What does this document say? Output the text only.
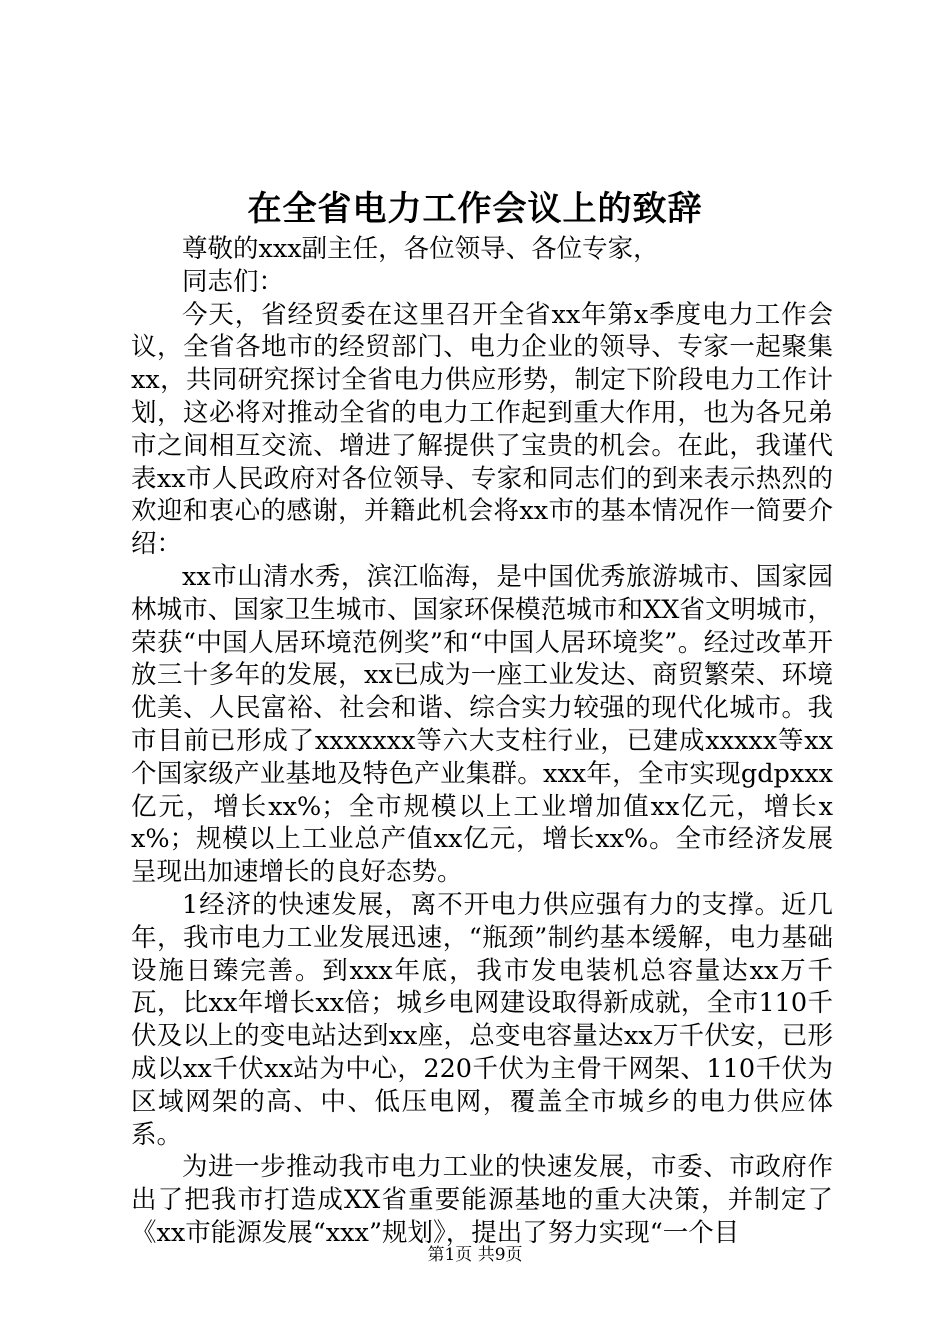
在全省电力工作会议上的致辞

尊敬的xxx副主任，各位领导、各位专家，

同志们：

今天，省经贸委在这里召开全省xx年第x季度电力工作会议，全省各地市的经贸部门、电力企业的领导、专家一起聚集xx，共同研究探讨全省电力供应形势，制定下阶段电力工作计划，这必将对推动全省的电力工作起到重大作用，也为各兄弟市之间相互交流、增进了解提供了宝贵的机会。在此，我谨代表xx市人民政府对各位领导、专家和同志们的到来表示热烈的欢迎和衷心的感谢，并籍此机会将xx市的基本情况作一简要介绍：

xx市山清水秀，滨江临海，是中国优秀旅游城市、国家园林城市、国家卫生城市、国家环保模范城市和XX省文明城市，荣获“中国人居环境范例奖”和“中国人居环境奖”。经过改革开放三十多年的发展，xx已成为一座工业发达、商贸繁荣、环境优美、人民富裕、社会和谐、综合实力较强的现代化城市。我市目前已形成了xxxxxxx等六大支柱行业，已建成xxxxx等xx个国家级产业基地及特色产业集群。xxx年，全市实现gdpxxx亿元，增长xx%；全市规模以上工业增加值xx亿元，增长xx%；规模以上工业总产值xx亿元，增长xx%。全市经济发展呈现出加速增长的良好态势。

1经济的快速发展，离不开电力供应强有力的支撑。近几年，我市电力工业发展迅速，“瓶颈”制约基本缓解，电力基础设施日臻完善。到xxx年底，我市发电装机总容量达xx万千瓦，比xx年增长xx倍；城乡电网建设取得新成就，全市110千伏及以上的变电站达到xx座，总变电容量达xx万千伏安，已形成以xx千伏xx站为中心，220千伏为主骨干网架、110千伏为区域网架的高、中、低压电网，覆盖全市城乡的电力供应体系。

为进一步推动我市电力工业的快速发展，市委、市政府作出了把我市打造成XX省重要能源基地的重大决策，并制定了《xx市能源发展“xxx”规划》，提出了努力实现“一个目

第1页 共9页
